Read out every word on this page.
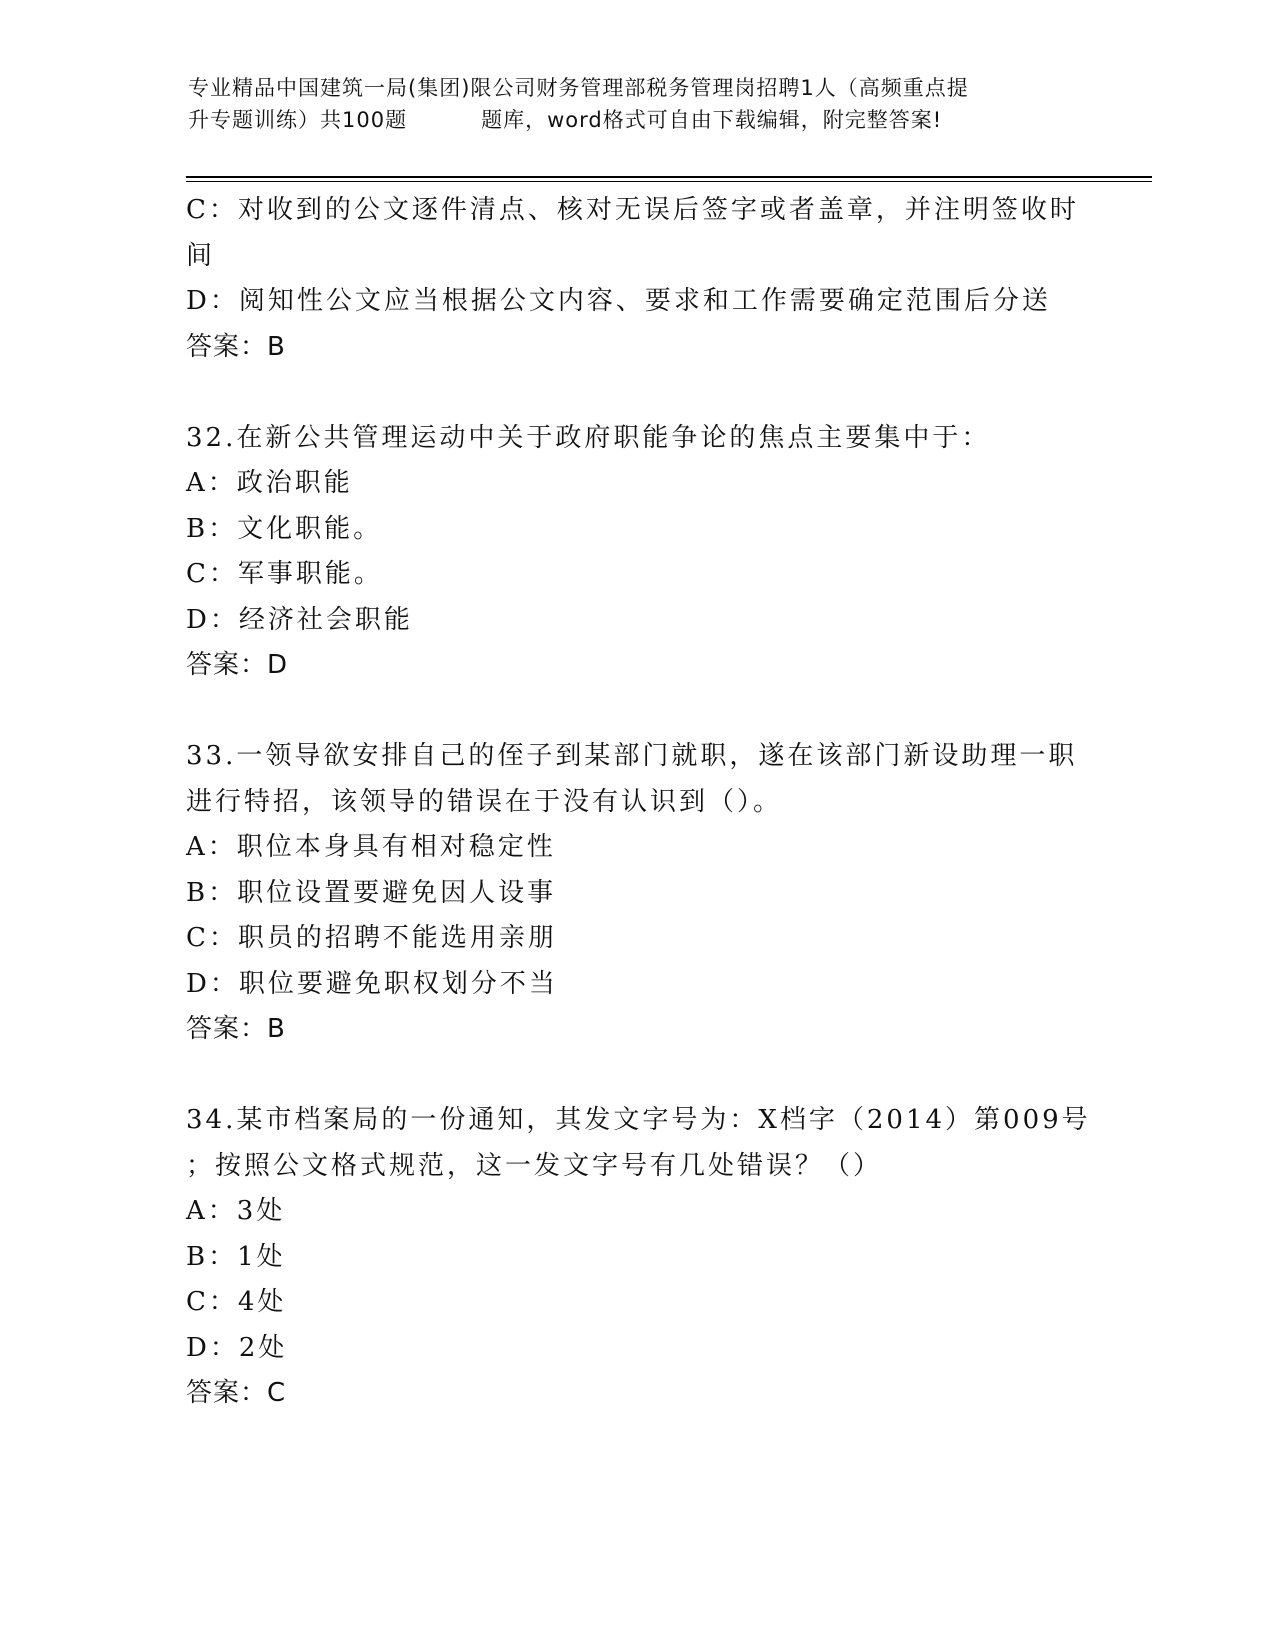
专业精品中国建筑一局(集团)限公司财务管理部税务管理岗招聘1人（高频重点提
升专题训练）共100题	题库，word格式可自由下载编辑，附完整答案!
C：对收到的公文逐件清点、核对无误后签字或者盖章，并注明签收时
间
D：阅知性公文应当根据公文内容、要求和工作需要确定范围后分送
答案：B
32.在新公共管理运动中关于政府职能争论的焦点主要集中于：
A：政治职能
B：文化职能。
C：军事职能。
D：经济社会职能
答案：D
33.一领导欲安排自己的侄子到某部门就职，遂在该部门新设助理一职
进行特招，该领导的错误在于没有认识到（）。
A：职位本身具有相对稳定性
B：职位设置要避免因人设事
C：职员的招聘不能选用亲朋
D：职位要避免职权划分不当
答案：B
34.某市档案局的一份通知，其发文字号为：X档字（2014）第009号
；按照公文格式规范，这一发文字号有几处错误？（）
A：3处
B：1处
C：4处
D：2处
答案：C
